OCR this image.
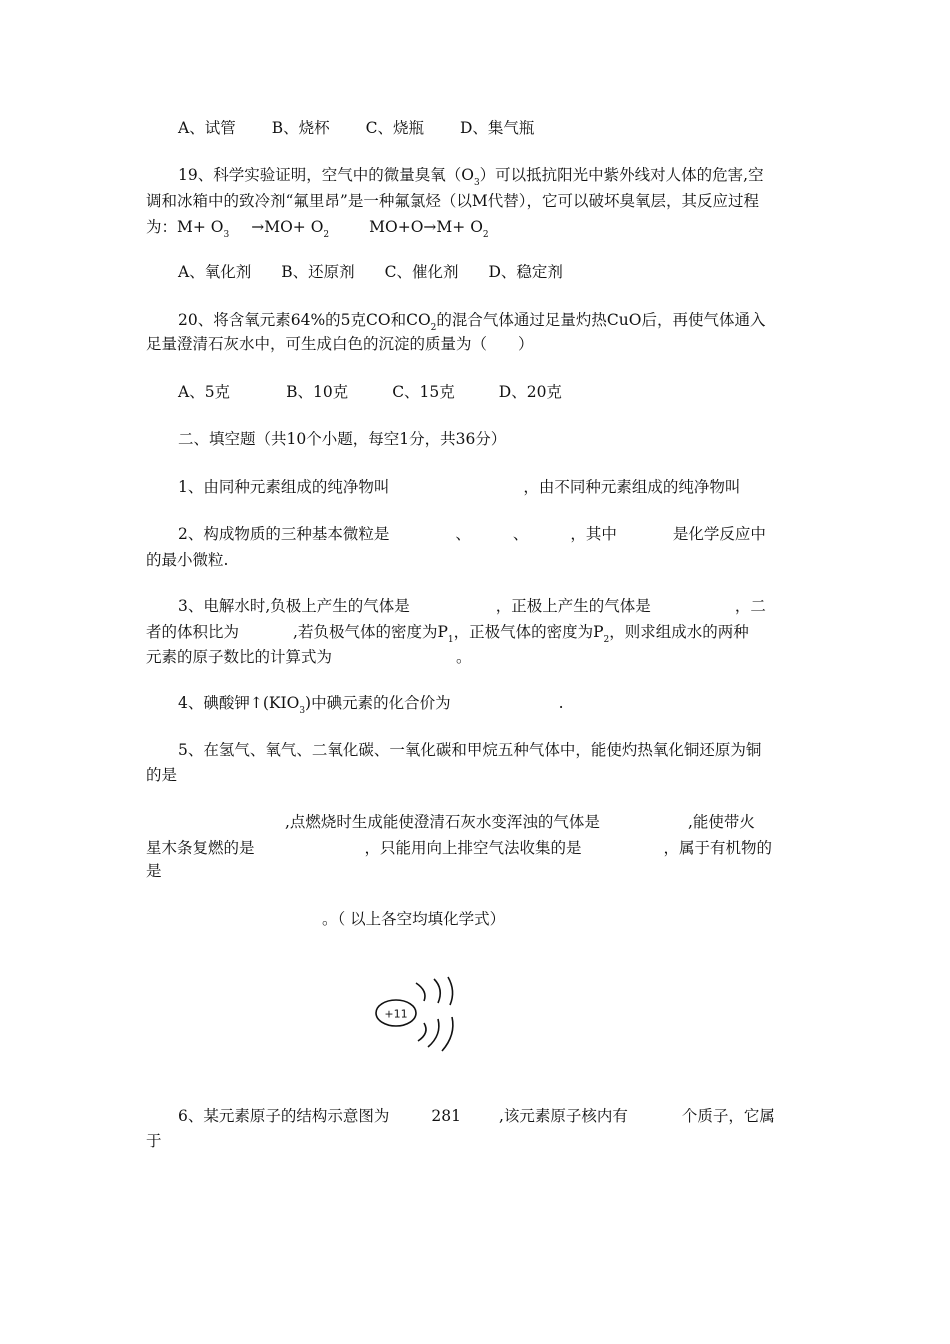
A、试管 B、烧杯 C、烧瓶 D、集气瓶
19、科学实验证明，空气中的微量臭氧$(O_3)$可以抵抗阳光中紫外线对人体的危害,空
调和冰箱中的致冷剂“氟里昂”是一种氟氯烃（以M代替），它可以破坏臭氧层，其反应过程
为：$M+ O_3 \to MO+ O_2$	$MO+O\to M+ O_2$
A、氧化剂 B、还原剂 C、催化剂 D、稳定剂
20、将含氧元素64%的5克CO和$CO_2$的混合气体通过足量灼热CuO后，再使气体通入
足量澄清石灰水中，可生成白色的沉淀的质量为（　　）
A、5克	B、10克	C、15克	D、20克
二、填空题（共10个小题，每空1分，共36分）
1、由同种元素组成的纯净物叫	，由不同种元素组成的纯净物叫
2、构成物质的三种基本微粒是	、	、	，其中	是化学反应中
的最小微粒.
3、电解水时,负极上产生的气体是	，正极上产生的气体是	，二
者的体积比为	,若负极气体的密度为$P_1$，正极气体的密度为$P_2$，则求组成水的两种
元素的原子数比的计算式为	。
4、碘酸钾$↑(KIO_3)$中碘元素的化合价为	.
5、在氢气、氧气、二氧化碳、一氧化碳和甲烷五种气体中，能使灼热氧化铜还原为铜
的是
,点燃烧时生成能使澄清石灰水变浑浊的气体是	,能使带火
星木条复燃的是	，只能用向上排空气法收集的是	，属于有机物的
是
。（ 以上各空均填化学式）
+11
6、某元素原子的结构示意图为	281 ,该元素原子核内有	个质子，它属
于
